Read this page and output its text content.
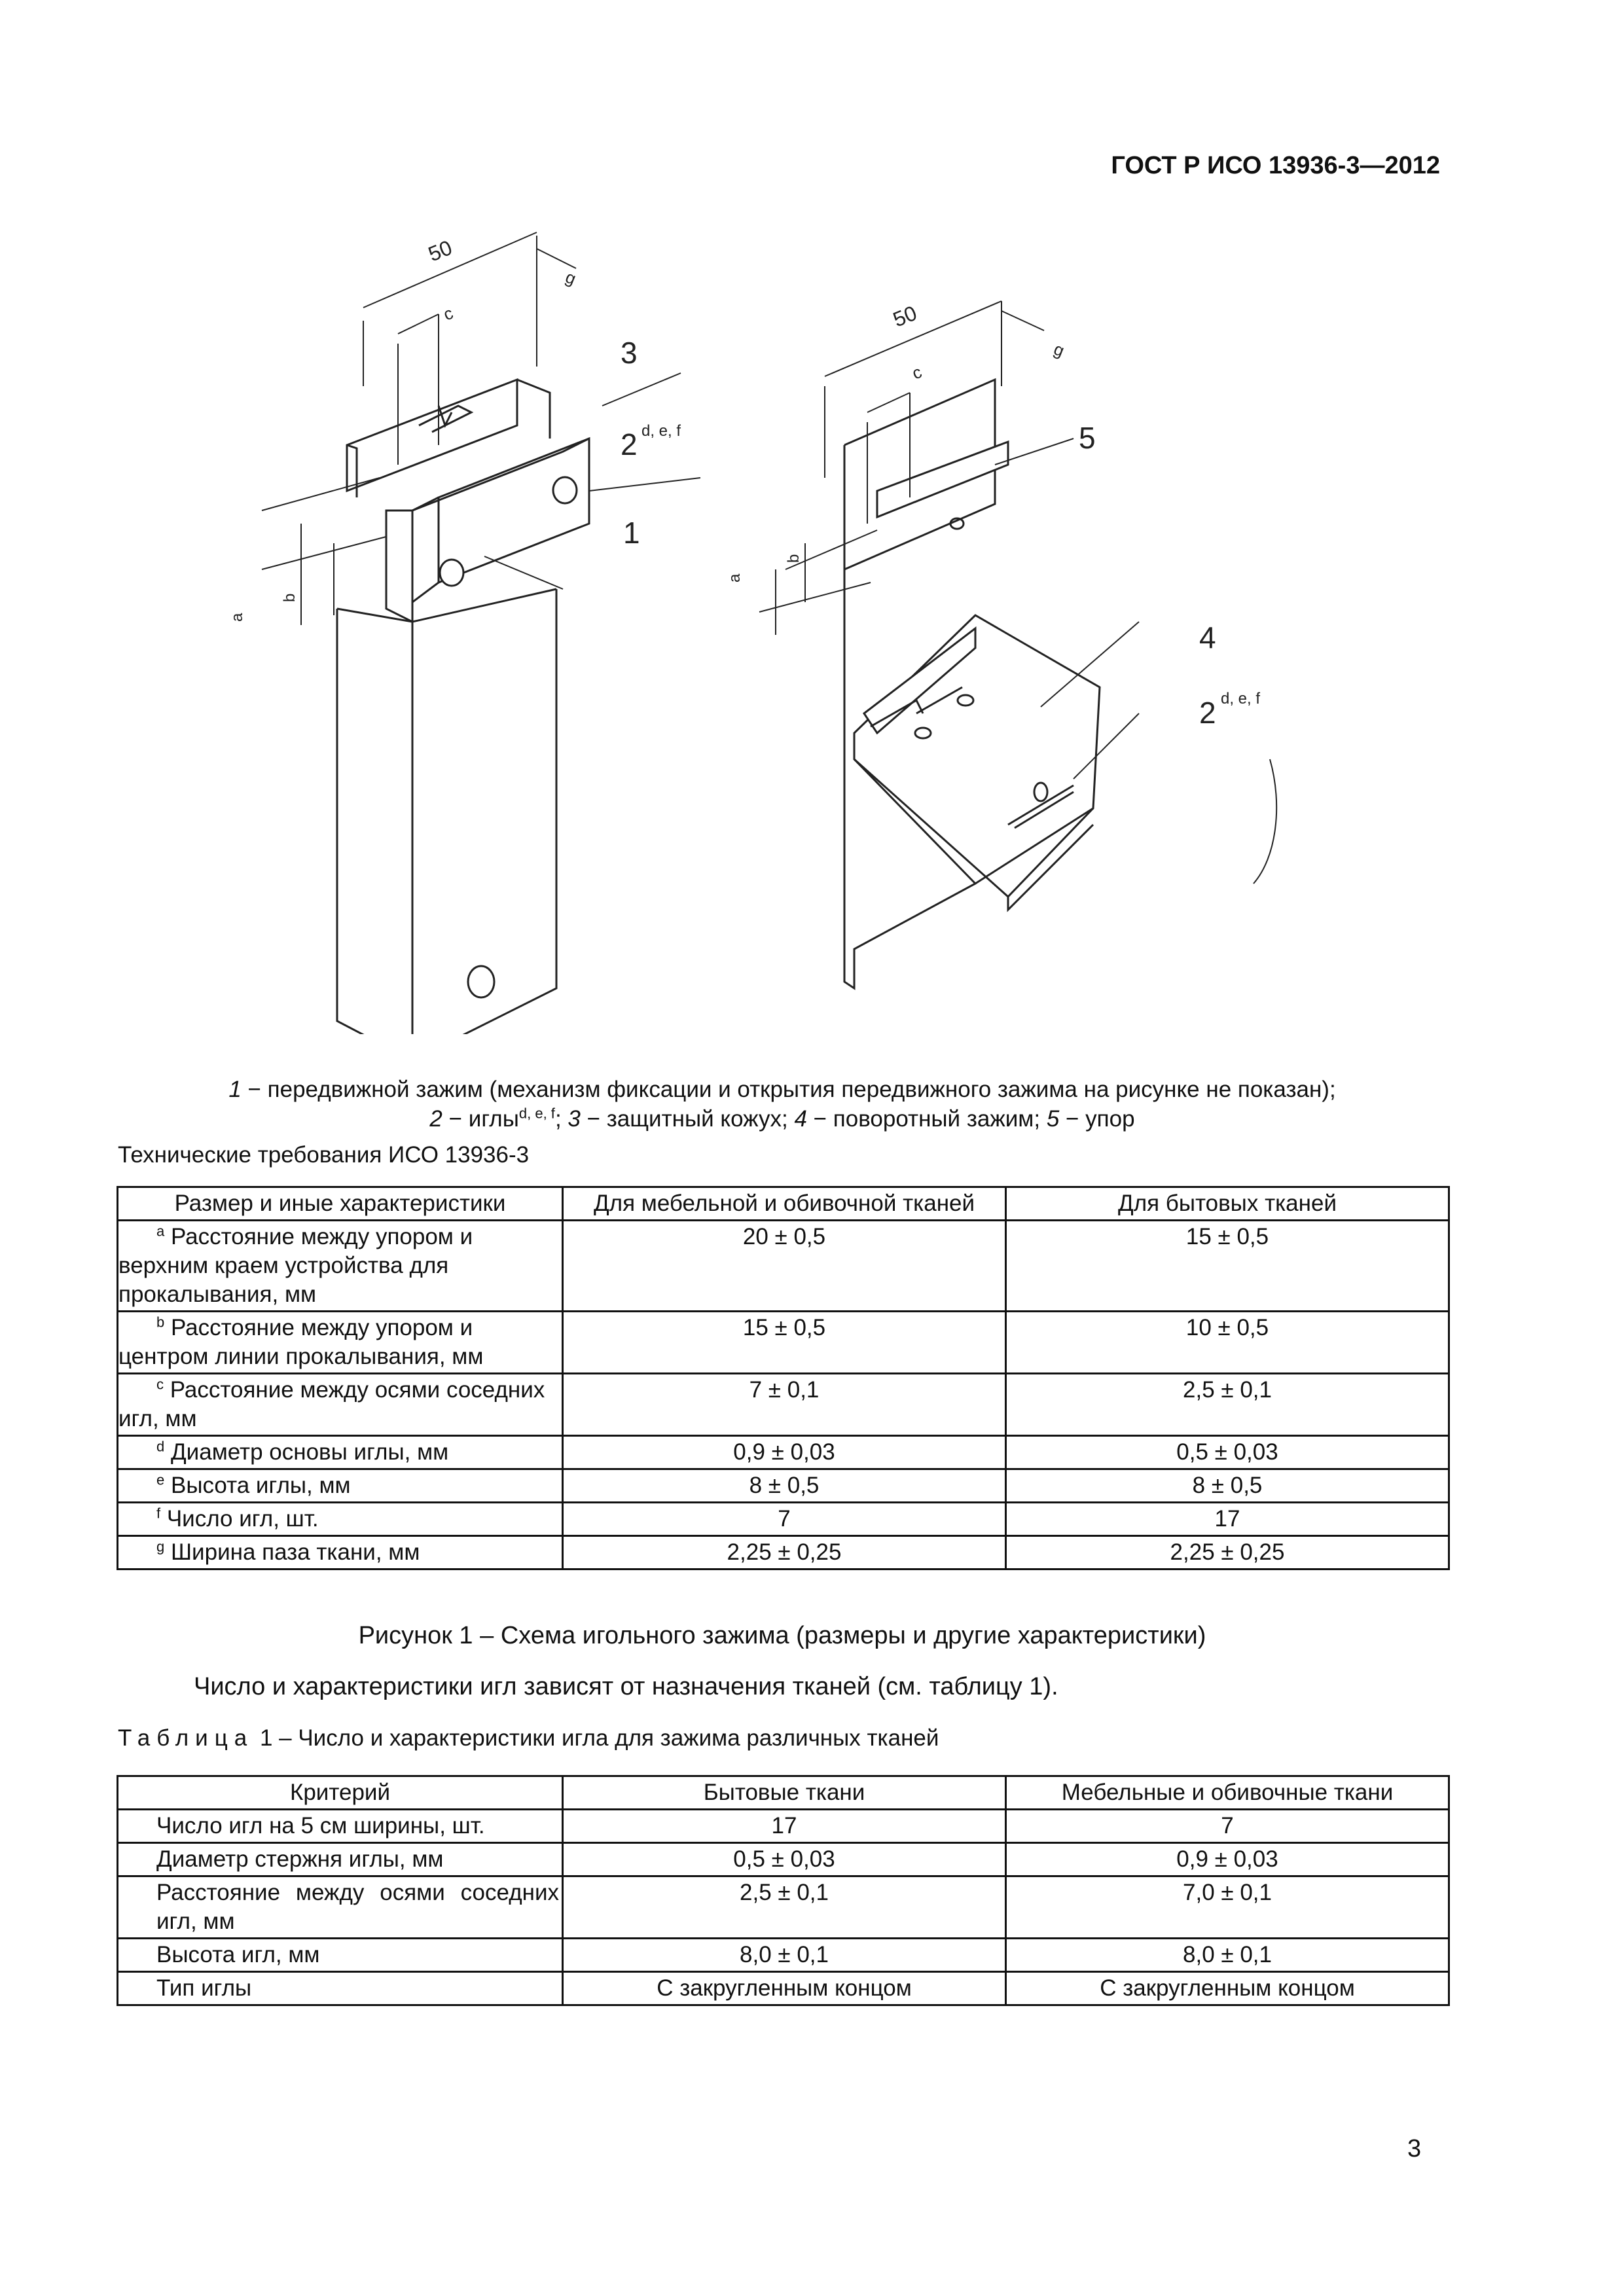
ГОСТ Р ИСО 13936-3—2012
50
c
g
a
b
3
2 d, e, f
1
50
c
g
a
b
5
4
2 d, e, f
1 − передвижной зажим (механизм фиксации и открытия передвижного зажима на рисунке не показан);
2 − иглы$^{d, e, f}$; 3 − защитный кожух; 4 − поворотный зажим; 5 − упор
Технические требования ИСО 13936-3
Размер и иные характеристики	Для мебельной и обивочной тканей	Для бытовых тканей
$^a$ Расстояние между упором и верхним краем устройства для прокалывания, мм	20 ± 0,5	15 ± 0,5
$^b$ Расстояние между упором и центром линии прокалывания, мм	15 ± 0,5	10 ± 0,5
$^c$ Расстояние между осями соседних игл, мм	7 ± 0,1	2,5 ± 0,1
$^d$ Диаметр основы иглы, мм	0,9 ± 0,03	0,5 ± 0,03
$^e$ Высота иглы, мм	8 ± 0,5	8 ± 0,5
$^f$ Число игл, шт.	7	17
$^g$ Ширина паза ткани, мм	2,25 ± 0,25	2,25 ± 0,25
Рисунок 1 – Схема игольного зажима (размеры и другие характеристики)
Число и характеристики игл зависят от назначения тканей (см. таблицу 1).
Таблица 1 – Число и характеристики игла для зажима различных тканей
Критерий	Бытовые ткани	Мебельные и обивочные ткани
Число игл на 5 см ширины, шт.	17	7
Диаметр стержня иглы, мм	0,5 ± 0,03	0,9 ± 0,03
Расстояние между осями соседних игл, мм	2,5 ± 0,1	7,0 ± 0,1
Высота игл, мм	8,0 ± 0,1	8,0 ± 0,1
Тип иглы	С закругленным концом	С закругленным концом
3
